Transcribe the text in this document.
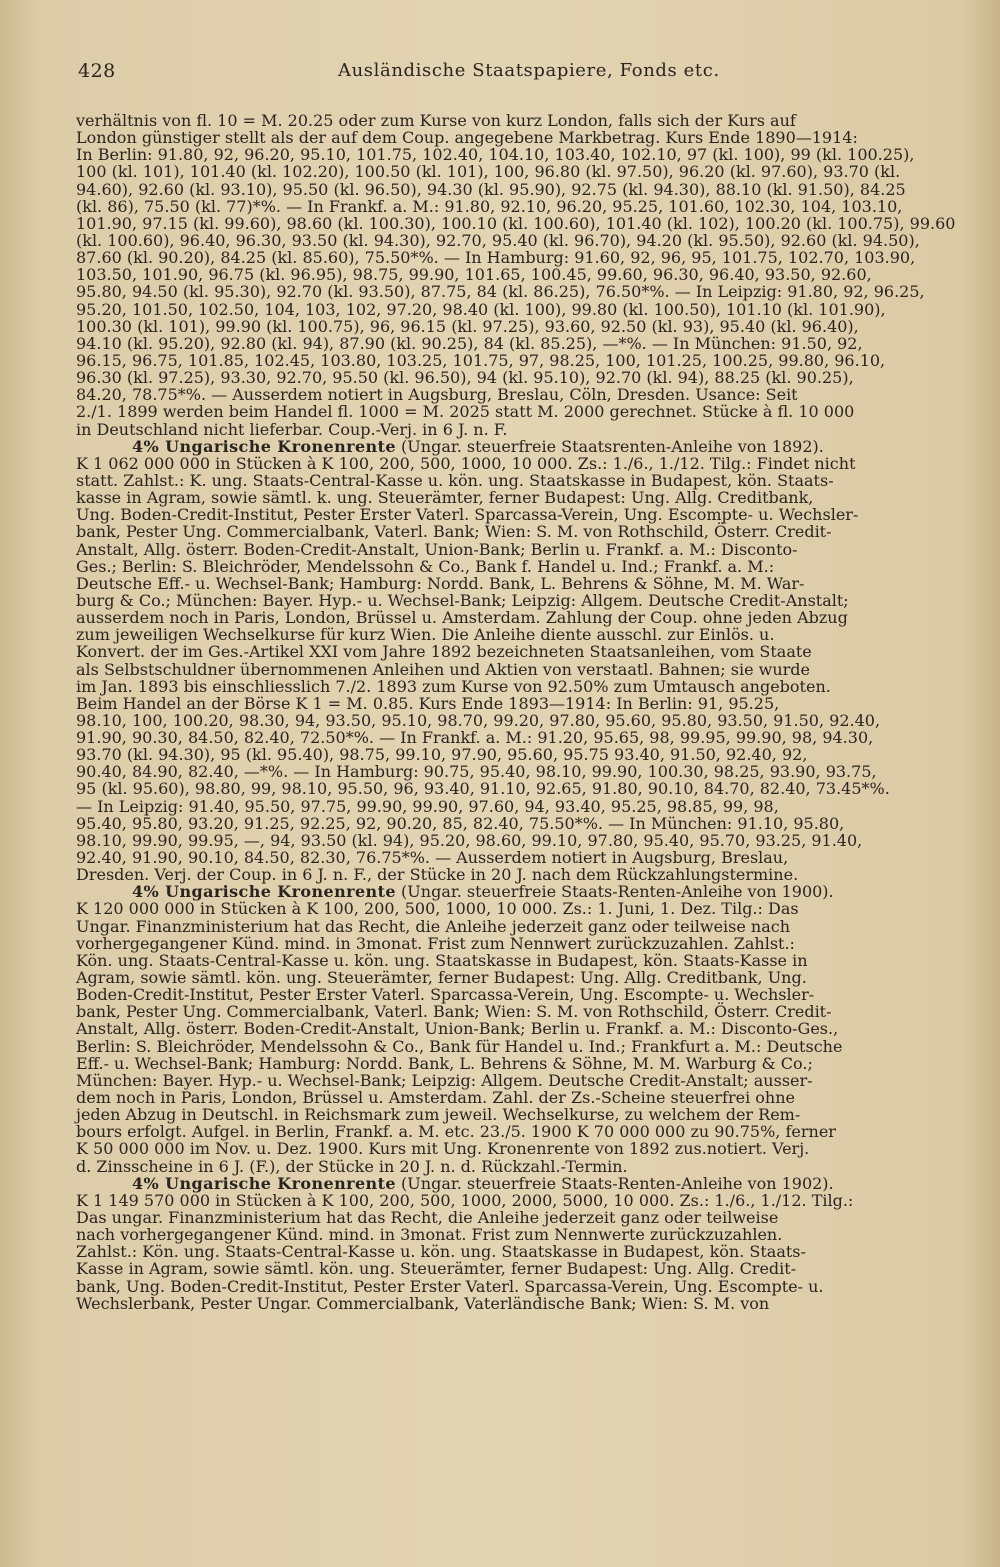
428	Ausländische Staatspapiere, Fonds etc.
verhältnis von fl. 10 = M. 20.25 oder zum Kurse von kurz London, falls sich der Kurs auf
London günstiger stellt als der auf dem Coup. angegebene Markbetrag. Kurs Ende 1890—1914:
In Berlin: 91.80, 92, 96.20, 95.10, 101.75, 102.40, 104.10, 103.40, 102.10, 97 (kl. 100), 99 (kl. 100.25),
100 (kl. 101), 101.40 (kl. 102.20), 100.50 (kl. 101), 100, 96.80 (kl. 97.50), 96.20 (kl. 97.60), 93.70 (kl.
94.60), 92.60 (kl. 93.10), 95.50 (kl. 96.50), 94.30 (kl. 95.90), 92.75 (kl. 94.30), 88.10 (kl. 91.50), 84.25
(kl. 86), 75.50 (kl. 77)*%. — In Frankf. a. M.: 91.80, 92.10, 96.20, 95.25, 101.60, 102.30, 104, 103.10,
101.90, 97.15 (kl. 99.60), 98.60 (kl. 100.30), 100.10 (kl. 100.60), 101.40 (kl. 102), 100.20 (kl. 100.75), 99.60
(kl. 100.60), 96.40, 96.30, 93.50 (kl. 94.30), 92.70, 95.40 (kl. 96.70), 94.20 (kl. 95.50), 92.60 (kl. 94.50),
87.60 (kl. 90.20), 84.25 (kl. 85.60), 75.50*%. — In Hamburg: 91.60, 92, 96, 95, 101.75, 102.70, 103.90,
103.50, 101.90, 96.75 (kl. 96.95), 98.75, 99.90, 101.65, 100.45, 99.60, 96.30, 96.40, 93.50, 92.60,
95.80, 94.50 (kl. 95.30), 92.70 (kl. 93.50), 87.75, 84 (kl. 86.25), 76.50*%. — In Leipzig: 91.80, 92, 96.25,
95.20, 101.50, 102.50, 104, 103, 102, 97.20, 98.40 (kl. 100), 99.80 (kl. 100.50), 101.10 (kl. 101.90),
100.30 (kl. 101), 99.90 (kl. 100.75), 96, 96.15 (kl. 97.25), 93.60, 92.50 (kl. 93), 95.40 (kl. 96.40),
94.10 (kl. 95.20), 92.80 (kl. 94), 87.90 (kl. 90.25), 84 (kl. 85.25), —*%. — In München: 91.50, 92,
96.15, 96.75, 101.85, 102.45, 103.80, 103.25, 101.75, 97, 98.25, 100, 101.25, 100.25, 99.80, 96.10,
96.30 (kl. 97.25), 93.30, 92.70, 95.50 (kl. 96.50), 94 (kl. 95.10), 92.70 (kl. 94), 88.25 (kl. 90.25),
84.20, 78.75*%. — Ausserdem notiert in Augsburg, Breslau, Cöln, Dresden. Usance: Seit
2./1. 1899 werden beim Handel fl. 1000 = M. 2025 statt M. 2000 gerechnet. Stücke à fl. 10 000
in Deutschland nicht lieferbar. Coup.-Verj. in 6 J. n. F.
4% Ungarische Kronenrente (Ungar. steuerfreie Staatsrenten-Anleihe von 1892).
K 1 062 000 000 in Stücken à K 100, 200, 500, 1000, 10 000. Zs.: 1./6., 1./12. Tilg.: Findet nicht
statt. Zahlst.: K. ung. Staats-Central-Kasse u. kön. ung. Staatskasse in Budapest, kön. Staats-
kasse in Agram, sowie sämtl. k. ung. Steuerämter, ferner Budapest: Ung. Allg. Creditbank,
Ung. Boden-Credit-Institut, Pester Erster Vaterl. Sparcassa-Verein, Ung. Escompte- u. Wechsler-
bank, Pester Ung. Commercialbank, Vaterl. Bank; Wien: S. M. von Rothschild, Österr. Credit-
Anstalt, Allg. österr. Boden-Credit-Anstalt, Union-Bank; Berlin u. Frankf. a. M.: Disconto-
Ges.; Berlin: S. Bleichröder, Mendelssohn & Co., Bank f. Handel u. Ind.; Frankf. a. M.:
Deutsche Eff.- u. Wechsel-Bank; Hamburg: Nordd. Bank, L. Behrens & Söhne, M. M. War-
burg & Co.; München: Bayer. Hyp.- u. Wechsel-Bank; Leipzig: Allgem. Deutsche Credit-Anstalt;
ausserdem noch in Paris, London, Brüssel u. Amsterdam. Zahlung der Coup. ohne jeden Abzug
zum jeweiligen Wechselkurse für kurz Wien. Die Anleihe diente ausschl. zur Einlös. u.
Konvert. der im Ges.-Artikel XXI vom Jahre 1892 bezeichneten Staatsanleihen, vom Staate
als Selbstschuldner übernommenen Anleihen und Aktien von verstaatl. Bahnen; sie wurde
im Jan. 1893 bis einschliesslich 7./2. 1893 zum Kurse von 92.50% zum Umtausch angeboten.
Beim Handel an der Börse K 1 = M. 0.85. Kurs Ende 1893—1914: In Berlin: 91, 95.25,
98.10, 100, 100.20, 98.30, 94, 93.50, 95.10, 98.70, 99.20, 97.80, 95.60, 95.80, 93.50, 91.50, 92.40,
91.90, 90.30, 84.50, 82.40, 72.50*%. — In Frankf. a. M.: 91.20, 95.65, 98, 99.95, 99.90, 98, 94.30,
93.70 (kl. 94.30), 95 (kl. 95.40), 98.75, 99.10, 97.90, 95.60, 95.75 93.40, 91.50, 92.40, 92,
90.40, 84.90, 82.40, —*%. — In Hamburg: 90.75, 95.40, 98.10, 99.90, 100.30, 98.25, 93.90, 93.75,
95 (kl. 95.60), 98.80, 99, 98.10, 95.50, 96, 93.40, 91.10, 92.65, 91.80, 90.10, 84.70, 82.40, 73.45*%.
— In Leipzig: 91.40, 95.50, 97.75, 99.90, 99.90, 97.60, 94, 93.40, 95.25, 98.85, 99, 98,
95.40, 95.80, 93.20, 91.25, 92.25, 92, 90.20, 85, 82.40, 75.50*%. — In München: 91.10, 95.80,
98.10, 99.90, 99.95, —, 94, 93.50 (kl. 94), 95.20, 98.60, 99.10, 97.80, 95.40, 95.70, 93.25, 91.40,
92.40, 91.90, 90.10, 84.50, 82.30, 76.75*%. — Ausserdem notiert in Augsburg, Breslau,
Dresden. Verj. der Coup. in 6 J. n. F., der Stücke in 20 J. nach dem Rückzahlungstermine.
4% Ungarische Kronenrente (Ungar. steuerfreie Staats-Renten-Anleihe von 1900).
K 120 000 000 in Stücken à K 100, 200, 500, 1000, 10 000. Zs.: 1. Juni, 1. Dez. Tilg.: Das
Ungar. Finanzministerium hat das Recht, die Anleihe jederzeit ganz oder teilweise nach
vorhergegangener Künd. mind. in 3monat. Frist zum Nennwert zurückzuzahlen. Zahlst.:
Kön. ung. Staats-Central-Kasse u. kön. ung. Staatskasse in Budapest, kön. Staats-Kasse in
Agram, sowie sämtl. kön. ung. Steuerämter, ferner Budapest: Ung. Allg. Creditbank, Ung.
Boden-Credit-Institut, Pester Erster Vaterl. Sparcassa-Verein, Ung. Escompte- u. Wechsler-
bank, Pester Ung. Commercialbank, Vaterl. Bank; Wien: S. M. von Rothschild, Österr. Credit-
Anstalt, Allg. österr. Boden-Credit-Anstalt, Union-Bank; Berlin u. Frankf. a. M.: Disconto-Ges.,
Berlin: S. Bleichröder, Mendelssohn & Co., Bank für Handel u. Ind.; Frankfurt a. M.: Deutsche
Eff.- u. Wechsel-Bank; Hamburg: Nordd. Bank, L. Behrens & Söhne, M. M. Warburg & Co.;
München: Bayer. Hyp.- u. Wechsel-Bank; Leipzig: Allgem. Deutsche Credit-Anstalt; ausser-
dem noch in Paris, London, Brüssel u. Amsterdam. Zahl. der Zs.-Scheine steuerfrei ohne
jeden Abzug in Deutschl. in Reichsmark zum jeweil. Wechselkurse, zu welchem der Rem-
bours erfolgt. Aufgel. in Berlin, Frankf. a. M. etc. 23./5. 1900 K 70 000 000 zu 90.75%, ferner
K 50 000 000 im Nov. u. Dez. 1900. Kurs mit Ung. Kronenrente von 1892 zus.notiert. Verj.
d. Zinsscheine in 6 J. (F.), der Stücke in 20 J. n. d. Rückzahl.-Termin.
4% Ungarische Kronenrente (Ungar. steuerfreie Staats-Renten-Anleihe von 1902).
K 1 149 570 000 in Stücken à K 100, 200, 500, 1000, 2000, 5000, 10 000. Zs.: 1./6., 1./12. Tilg.:
Das ungar. Finanzministerium hat das Recht, die Anleihe jederzeit ganz oder teilweise
nach vorhergegangener Künd. mind. in 3monat. Frist zum Nennwerte zurückzuzahlen.
Zahlst.: Kön. ung. Staats-Central-Kasse u. kön. ung. Staatskasse in Budapest, kön. Staats-
Kasse in Agram, sowie sämtl. kön. ung. Steuerämter, ferner Budapest: Ung. Allg. Credit-
bank, Ung. Boden-Credit-Institut, Pester Erster Vaterl. Sparcassa-Verein, Ung. Escompte- u.
Wechslerbank, Pester Ungar. Commercialbank, Vaterländische Bank; Wien: S. M. von
